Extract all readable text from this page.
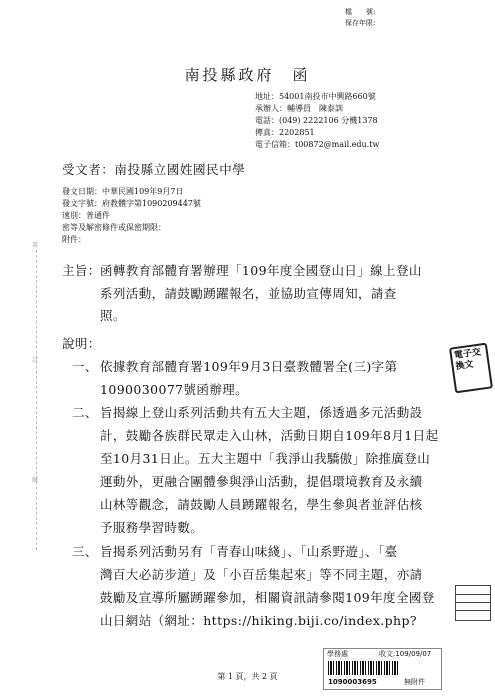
檔　　號:
保存年限:
南投縣政府　函
地址：54001南投市中興路660號
承辦人：輔導員　陳泰訓
電話：(049) 2222106 分機1378
傳真：2202851
電子信箱：t00872@mail.edu.tw
受文者：南投縣立國姓國民中學
發文日期：中華民國109年9月7日
發文字號：府教體字第1090209447號
速別：普通件
密等及解密條件或保密期限：
附件：
裝
訂
線
主旨： 函轉教育部體育署辦理「109年度全國登山日」線上登山
系列活動，請鼓勵踴躍報名，並協助宣傳周知，請查
照。
說明：
一、 依據教育部體育署109年9月3日臺教體署全(三)字第
1090030077號函辦理。
二、 旨揭線上登山系列活動共有五大主題，係透過多元活動設
計，鼓勵各族群民眾走入山林，活動日期自109年8月1日起
至10月31日止。五大主題中「我淨山我驕傲」除推廣登山
運動外，更融合團體參與淨山活動，提倡環境教育及永續
山林等觀念，請鼓勵人員踴躍報名，學生參與者並評估核
予服務學習時數。
三、 旨揭系列活動另有「青春山味綫」、「山系野遊」、「臺
灣百大必訪步道」及「小百岳集起來」等不同主題，亦請
鼓勵及宣導所屬踴躍參加，相關資訊請參閱109年度全國登
山日網站（網址：https://hiking.biji.co/index.php?
電子交換文
第 1 頁，共 2 頁
學務處	收文:109/09/07
1090003695	無附件
